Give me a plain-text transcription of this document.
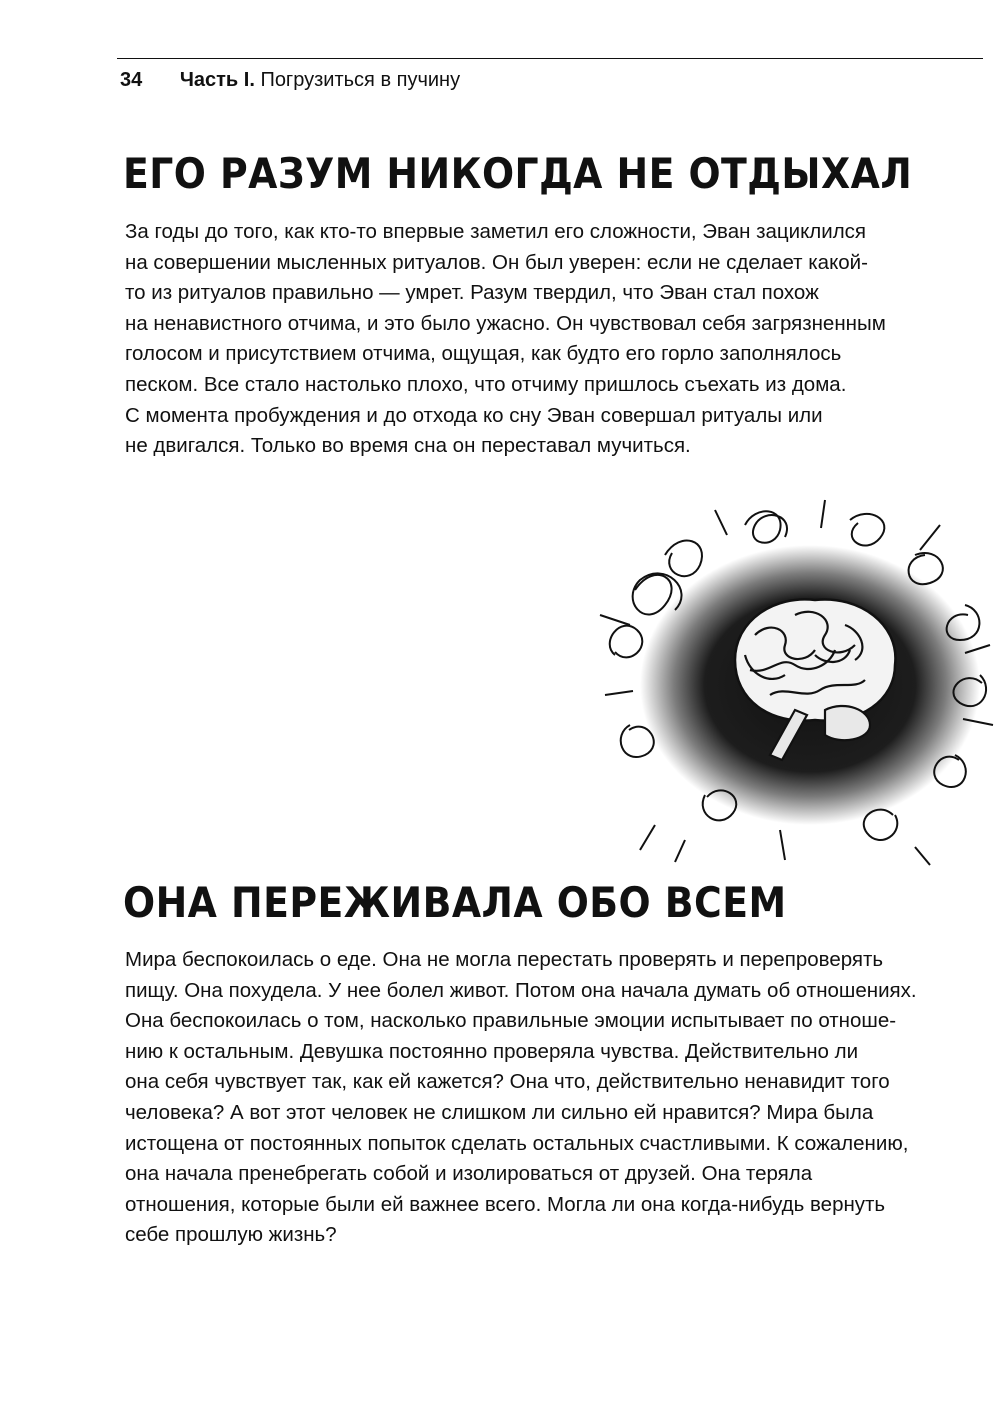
34 Часть I. Погрузиться в пучину
ЕГО РАЗУМ НИКОГДА НЕ ОТДЫХАЛ

За годы до того, как кто-то впервые заметил его сложности, Эван зациклился
на совершении мысленных ритуалов. Он был уверен: если не сделает какой-
то из ритуалов правильно — умрет. Разум твердил, что Эван стал похож
на ненавистного отчима, и это было ужасно. Он чувствовал себя загрязненным
голосом и присутствием отчима, ощущая, как будто его горло заполнялось
песком. Все стало настолько плохо, что отчиму пришлось съехать из дома.
С момента пробуждения и до отхода ко сну Эван совершал ритуалы или
не двигался. Только во время сна он переставал мучиться.

ОНА ПЕРЕЖИВАЛА ОБО ВСЕМ

Мира беспокоилась о еде. Она не могла перестать проверять и перепроверять
пищу. Она похудела. У нее болел живот. Потом она начала думать об отношениях.
Она беспокоилась о том, насколько правильные эмоции испытывает по отноше-
нию к остальным. Девушка постоянно проверяла чувства. Действительно ли
она себя чувствует так, как ей кажется? Она что, действительно ненавидит того
человека? А вот этот человек не слишком ли сильно ей нравится? Мира была
истощена от постоянных попыток сделать остальных счастливыми. К сожалению,
она начала пренебрегать собой и изолироваться от друзей. Она теряла
отношения, которые были ей важнее всего. Могла ли она когда-нибудь вернуть
себе прошлую жизнь?
